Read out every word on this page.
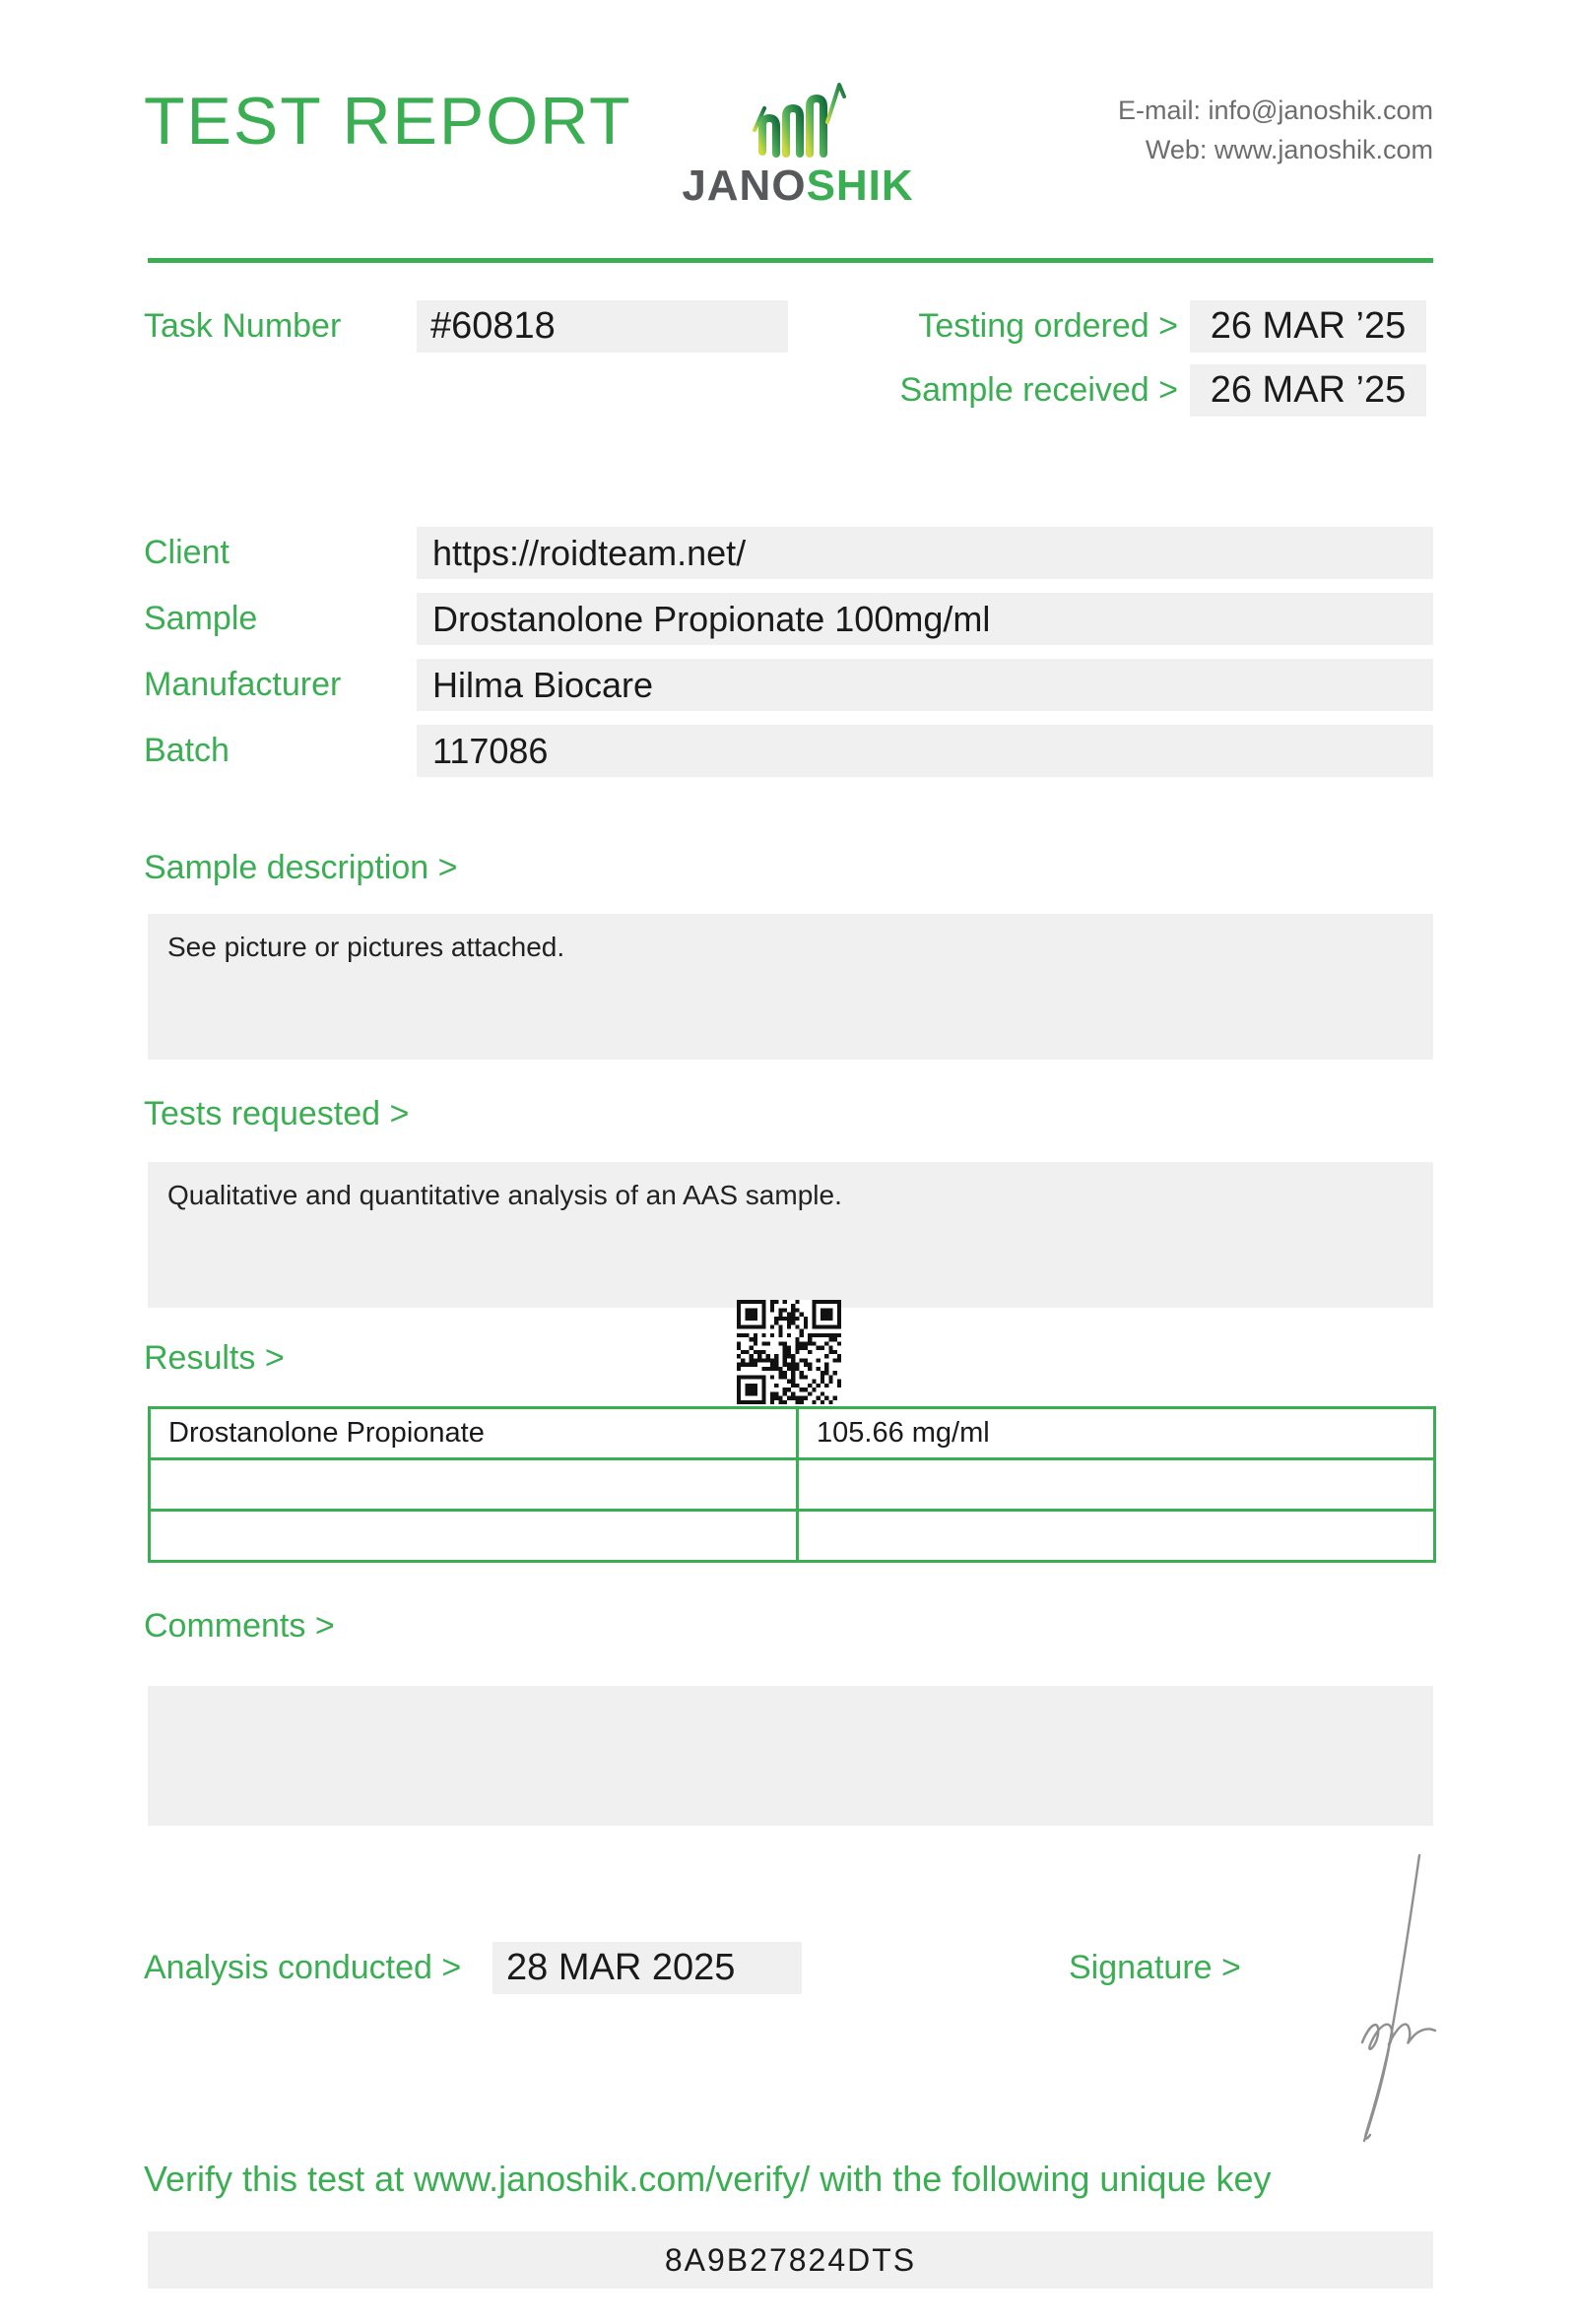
TEST REPORT
JANOSHIK
E-mail: info@janoshik.com
Web: www.janoshik.com
Task Number	#60818	Testing ordered > 26 MAR ’25
Sample received > 26 MAR ’25
Client	https://roidteam.net/
Sample	Drostanolone Propionate 100mg/ml
Manufacturer	Hilma Biocare
Batch	117086
Sample description >
See picture or pictures attached.
Tests requested >
Qualitative and quantitative analysis of an AAS sample.
Results >
Drostanolone Propionate	105.66 mg/ml

Comments >
Analysis conducted >	28 MAR 2025	Signature >
Verify this test at www.janoshik.com/verify/ with the following unique key
8A9B27824DTS
